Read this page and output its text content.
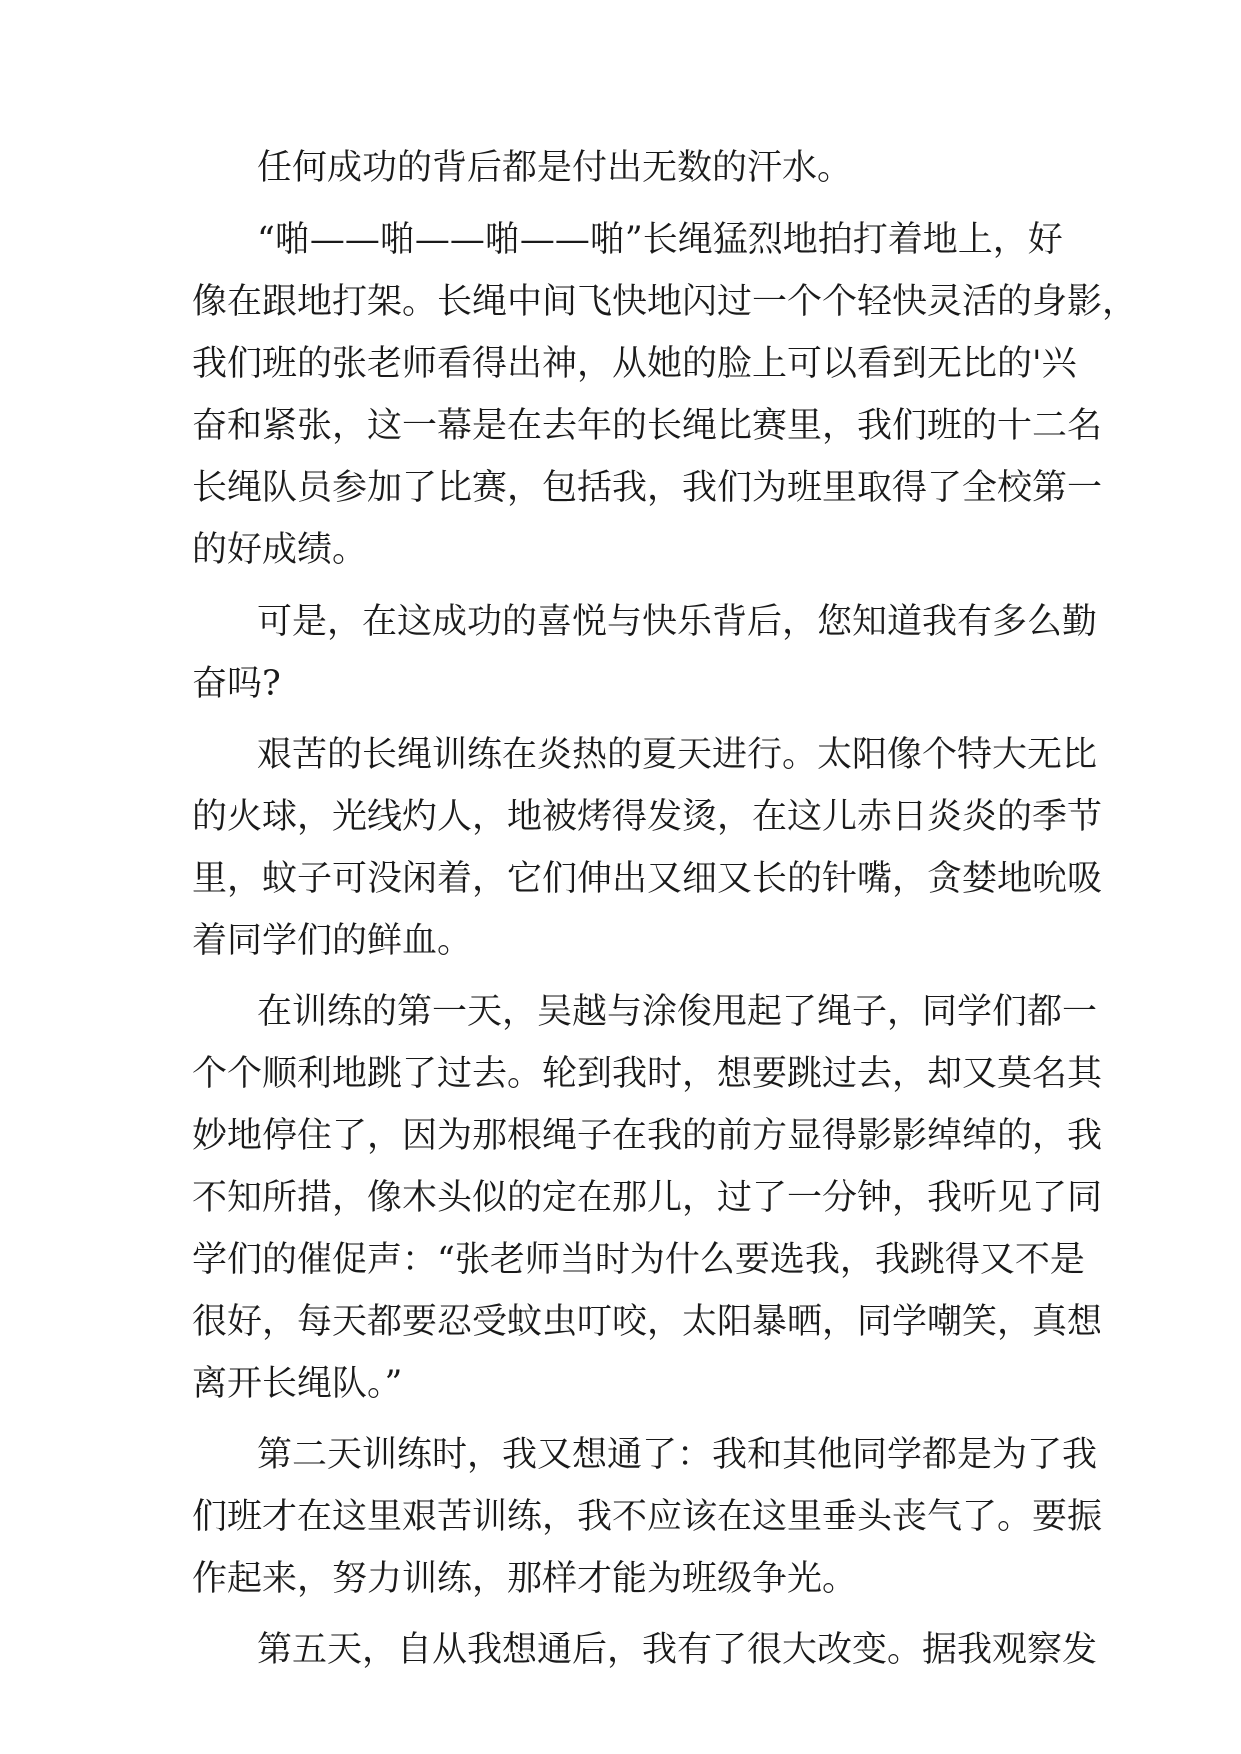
任何成功的背后都是付出无数的汗水。
“啪——啪——啪——啪”长绳猛烈地拍打着地上，好
像在跟地打架。长绳中间飞快地闪过一个个轻快灵活的身影，
我们班的张老师看得出神，从她的脸上可以看到无比的'兴
奋和紧张，这一幕是在去年的长绳比赛里，我们班的十二名
长绳队员参加了比赛，包括我，我们为班里取得了全校第一
的好成绩。
可是，在这成功的喜悦与快乐背后，您知道我有多么勤
奋吗?
艰苦的长绳训练在炎热的夏天进行。太阳像个特大无比
的火球，光线灼人，地被烤得发烫，在这儿赤日炎炎的季节
里，蚊子可没闲着，它们伸出又细又长的针嘴，贪婪地吮吸
着同学们的鲜血。
在训练的第一天，吴越与涂俊甩起了绳子，同学们都一
个个顺利地跳了过去。轮到我时，想要跳过去，却又莫名其
妙地停住了，因为那根绳子在我的前方显得影影绰绰的，我
不知所措，像木头似的定在那儿，过了一分钟，我听见了同
学们的催促声：“张老师当时为什么要选我，我跳得又不是
很好，每天都要忍受蚊虫叮咬，太阳暴晒，同学嘲笑，真想
离开长绳队。”
第二天训练时，我又想通了：我和其他同学都是为了我
们班才在这里艰苦训练，我不应该在这里垂头丧气了。要振
作起来，努力训练，那样才能为班级争光。
第五天，自从我想通后，我有了很大改变。据我观察发
